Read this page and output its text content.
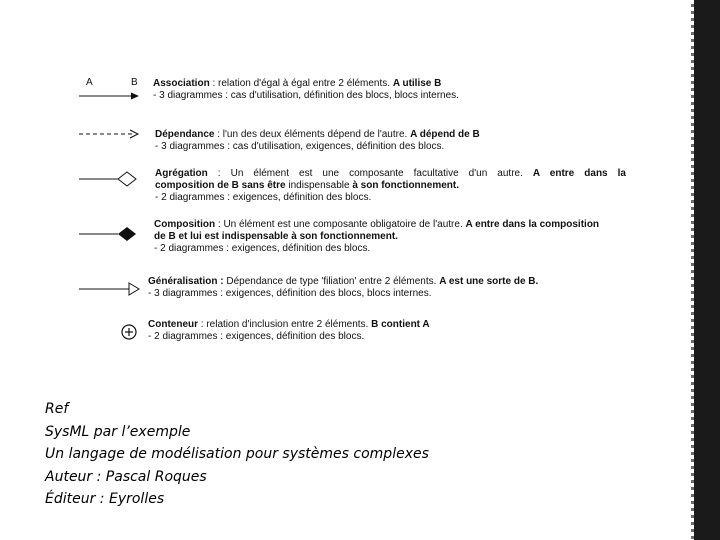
A	B Association : relation d'égal à égal entre 2 éléments. A utilise B
- 3 diagrammes : cas d'utilisation, définition des blocs, blocs internes.
Dépendance : l'un des deux éléments dépend de l'autre. A dépend de B
- 3 diagrammes : cas d'utilisation, exigences, définition des blocs.
Agrégation : Un élément est une composante facultative d'un autre. A entre dans la
composition de B sans être indispensable à son fonctionnement.
- 2 diagrammes : exigences, définition des blocs.
Composition : Un élément est une composante obligatoire de l'autre. A entre dans la composition
de B et lui est indispensable à son fonctionnement.
- 2 diagrammes : exigences, définition des blocs.
Généralisation : Dépendance de type 'filiation' entre 2 éléments. A est une sorte de B.
- 3 diagrammes : exigences, définition des blocs, blocs internes.
Conteneur : relation d'inclusion entre 2 éléments. B contient A
- 2 diagrammes : exigences, définition des blocs.
Ref
SysML par l’exemple
Un langage de modélisation pour systèmes complexes
Auteur : Pascal Roques
Éditeur : Eyrolles
